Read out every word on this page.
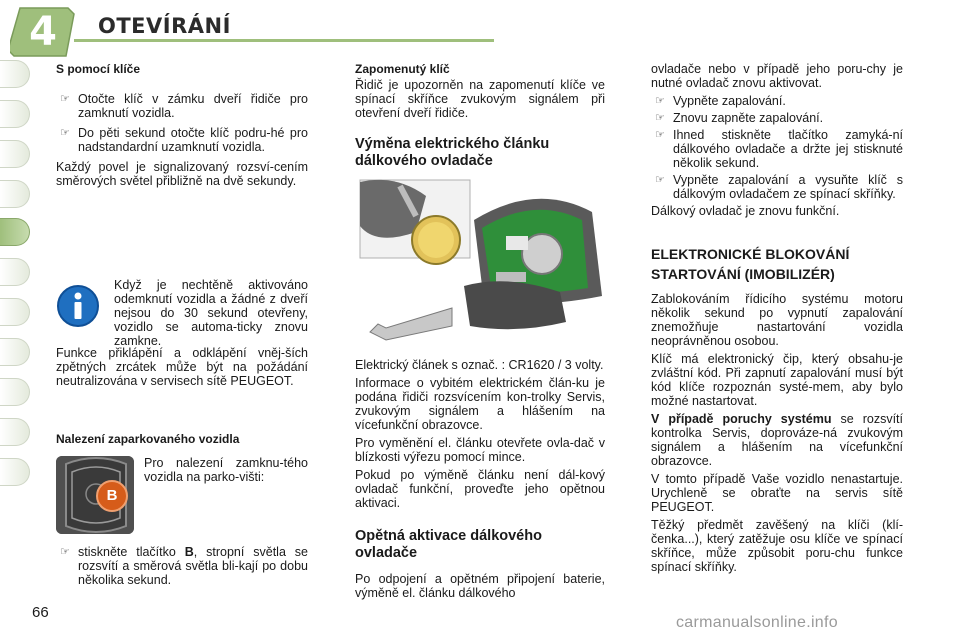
4	OTEVÍRÁNÍ
S pomocí klíče
☞ Otočte klíč v zámku dveří řidiče pro zamknutí vozidla.
☞ Do pěti sekund otočte klíč podru-hé pro nadstandardní uzamknutí vozidla.

Každý povel je signalizovaný rozsví-cením směrových světel přibližně na dvě sekundy.

Když je nechtěně aktivováno odemknutí vozidla a žádné z dveří nejsou do 30 sekund otevřeny, vozidlo se automa-ticky znovu zamkne.

Funkce přiklápění a odklápění vněj-ších zpětných zrcátek může být na požádání neutralizována v servisech sítě PEUGEOT.

Nalezení zaparkovaného vozidla
B

Pro nalezení zamknu-tého vozidla na parko-višti:

☞ stiskněte tlačítko B, stropní světla se rozsvítí a směrová světla bli-kají po dobu několika sekund.
Zapomenutý klíč

Řidič je upozorněn na zapomenutí klíče ve spínací skříňce zvukovým signálem při otevření dveří řidiče.

Výměna elektrického článku dálkového ovladače

Elektrický článek s označ. : CR1620 / 3 volty.

Informace o vybitém elektrickém člán-ku je podána řidiči rozsvícením kon-trolky Servis, zvukovým signálem a hlášením na vícefunkční obrazovce.

Pro vyměnění el. článku otevřete ovla-dač v blízkosti výřezu pomocí mince.

Pokud po výměně článku není dál-kový ovladač funkční, proveďte jeho opětnou aktivaci.

Opětná aktivace dálkového ovladače

Po odpojení a opětném připojení baterie, výměně el. článku dálkového

ovladače nebo v případě jeho poru-chy je nutné ovladač znovu aktivovat.

☞ Vypněte zapalování.
☞ Znovu zapněte zapalování.
☞ Ihned stiskněte tlačítko zamyká-ní dálkového ovladače a držte jej stisknuté několik sekund.
☞ Vypněte zapalování a vysuňte klíč s dálkovým ovladačem ze spínací skříňky.

Dálkový ovladač je znovu funkční.

ELEKTRONICKÉ BLOKOVÁNÍ STARTOVÁNÍ (IMOBILIZÉR)

Zablokováním řídicího systému motoru několik sekund po vypnutí zapalování znemožňuje nastartování vozidla neoprávněnou osobou.

Klíč má elektronický čip, který obsahu-je zvláštní kód. Při zapnutí zapalování musí být kód klíče rozpoznán systé-mem, aby bylo možné nastartovat.

V případě poruchy systému se rozsvítí kontrolka Servis, doprováze-ná zvukovým signálem a hlášením na vícefunkční obrazovce.

V tomto případě Vaše vozidlo nenastartuje. Urychleně se obraťte na servis sítě PEUGEOT.

Těžký předmět zavěšený na klíči (klí-čenka...), který zatěžuje osu klíče ve spínací skříňce, může způsobit poru-chu funkce spínací skříňky.

66
carmanualsonline.info
